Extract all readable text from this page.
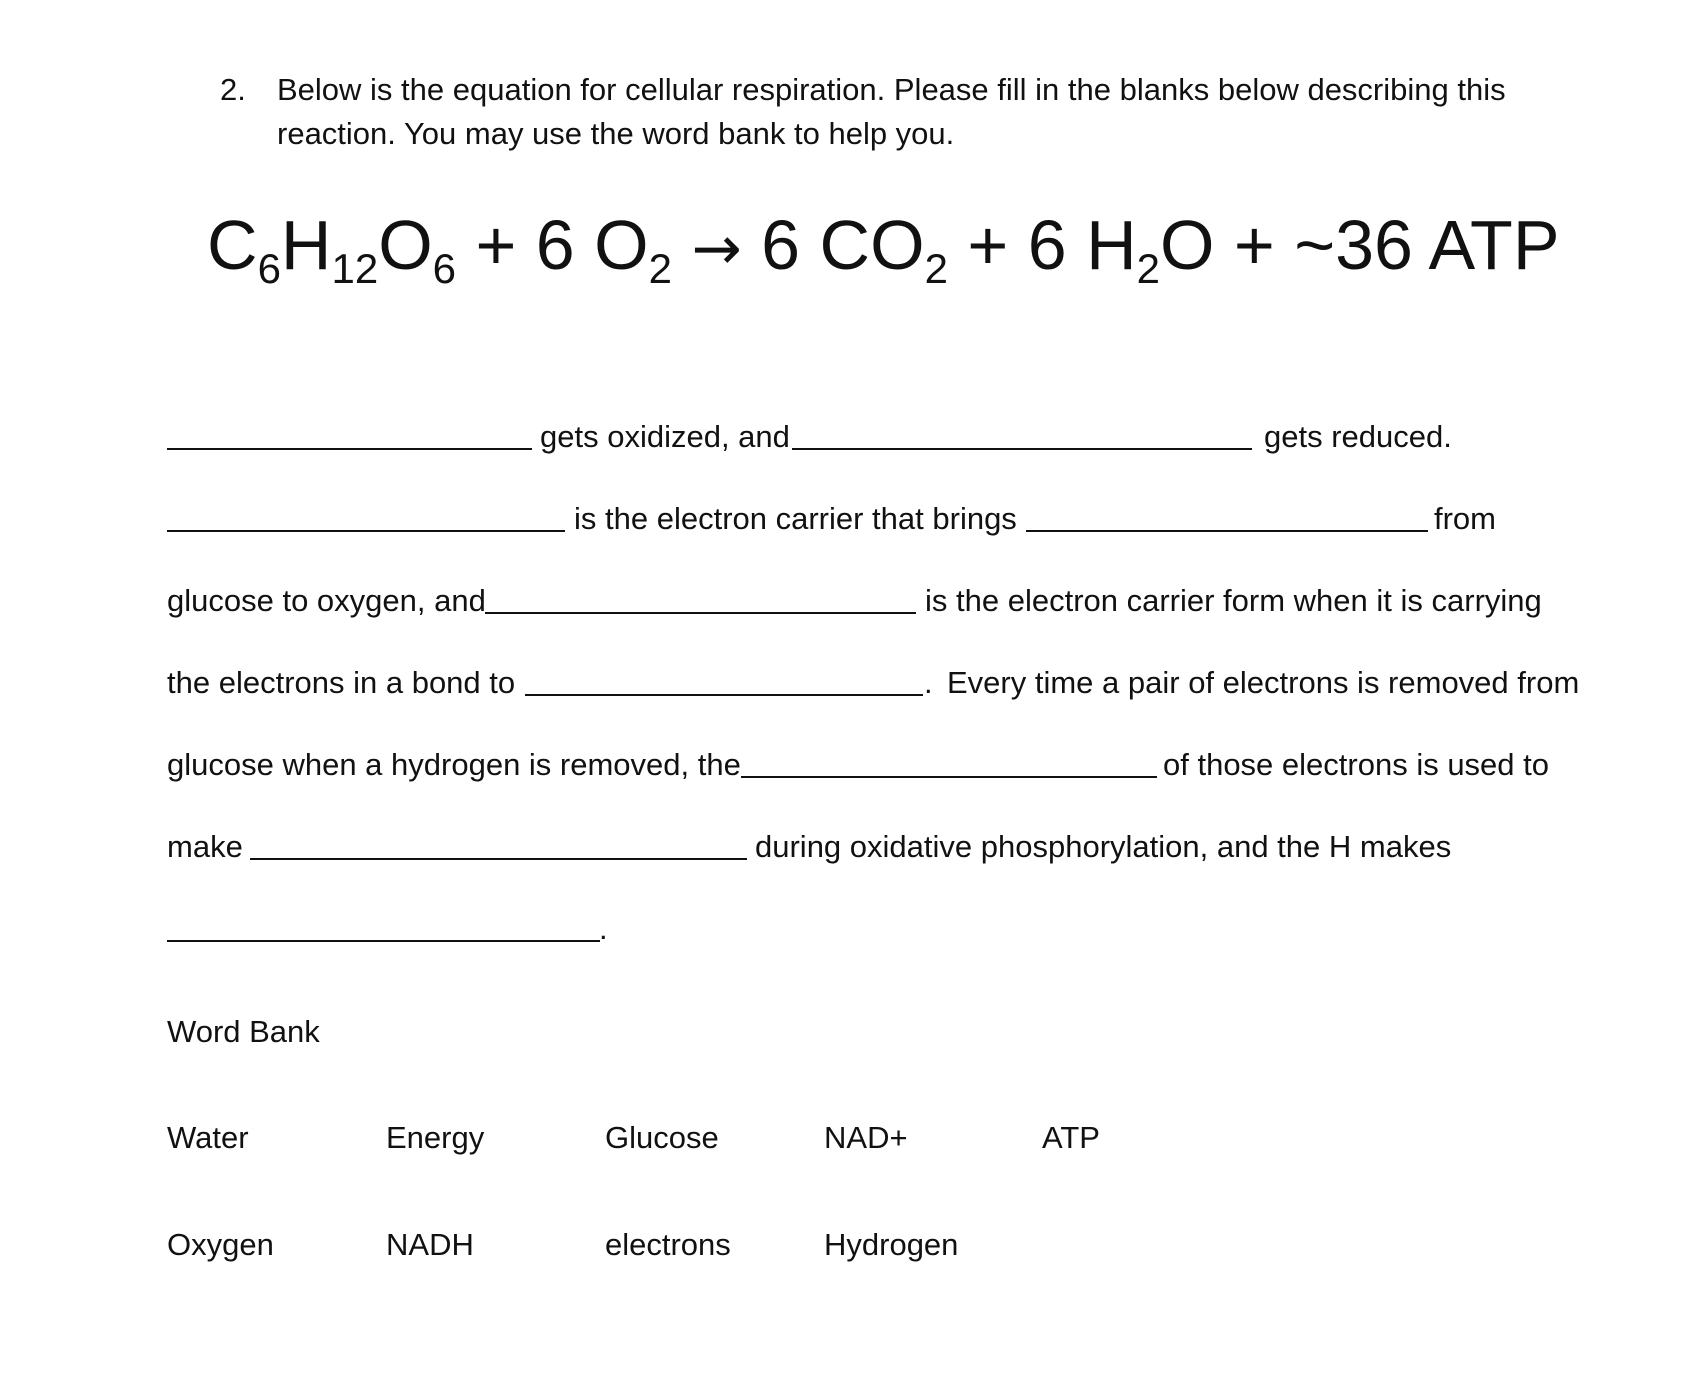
2. Below is the equation for cellular respiration. Please fill in the blanks below describing this
reaction. You may use the word bank to help you.
$C_6H_{12}O_6 + 6$ $O_2 \to 6$ $CO_2 + 6$ $H_2O$ + ~36 ATP
gets oxidized, and	gets reduced.
is the electron carrier that brings	from
glucose to oxygen, and	is the electron carrier form when it is carrying
the electrons in a bond to	. Every time a pair of electrons is removed from
glucose when a hydrogen is removed, the	of those electrons is used to
make	during oxidative phosphorylation, and the H makes
.
Word Bank
Water	Energy	Glucose	NAD+	ATP
Oxygen	NADH	electrons	Hydrogen
